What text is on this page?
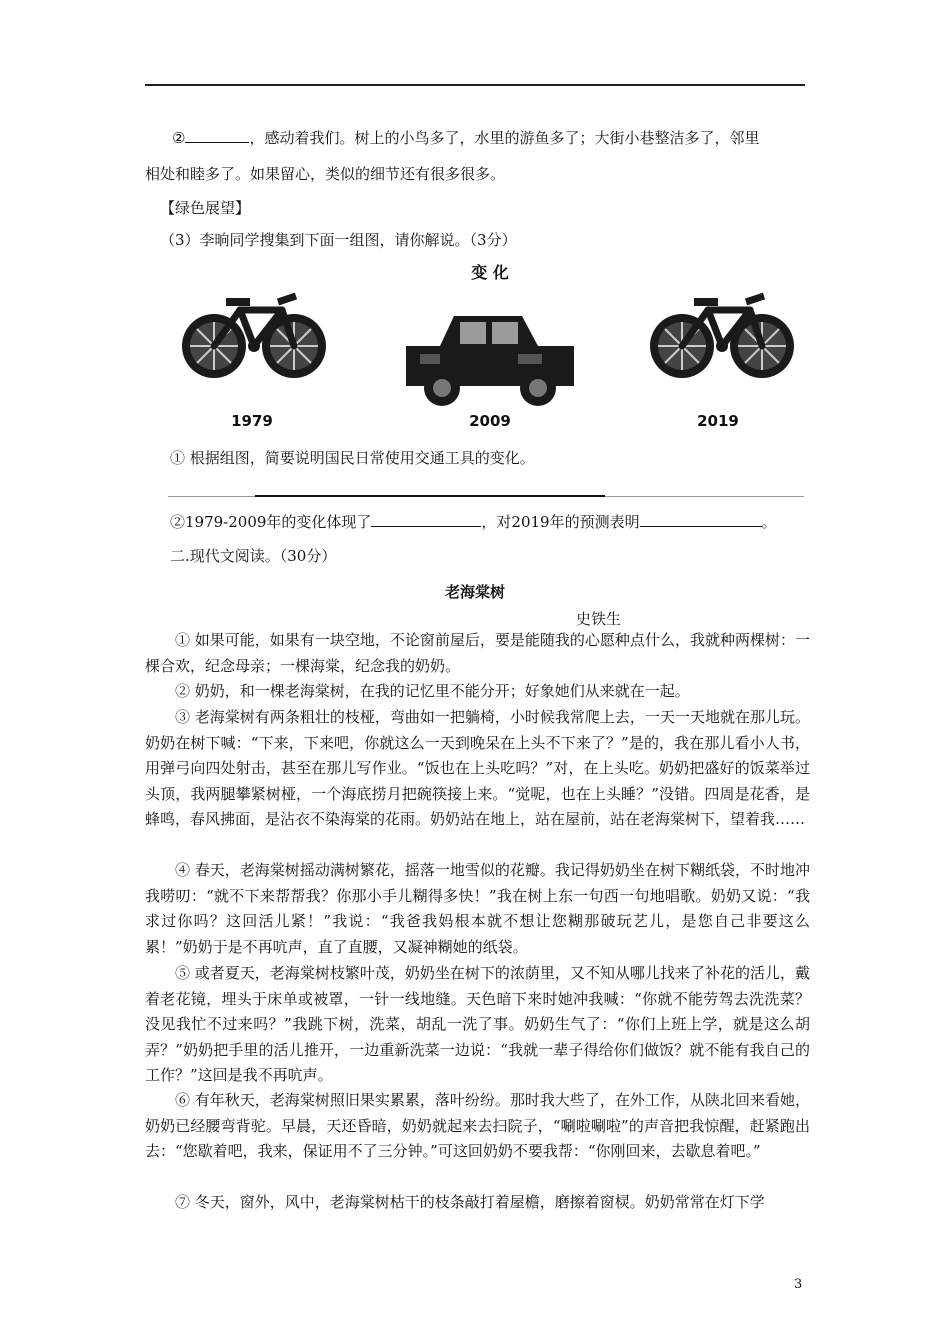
②	，感动着我们。树上的小鸟多了，水里的游鱼多了；大街小巷整洁多了，邻里
相处和睦多了。如果留心，类似的细节还有很多很多。
【绿色展望】
（3）李晌同学搜集到下面一组图，请你解说。（3分）
变 化
1979	2009	2019
① 根据组图，简要说明国民日常使用交通工具的变化。
②1979-2009年的变化体现了	，对2019年的预测表明	。
二.现代文阅读。（30分）
老海棠树
史铁生
① 如果可能，如果有一块空地，不论窗前屋后，要是能随我的心愿种点什么，我就种两棵树：一棵合欢，纪念母亲；一棵海棠，纪念我的奶奶。
② 奶奶，和一棵老海棠树，在我的记忆里不能分开；好象她们从来就在一起。
③ 老海棠树有两条粗壮的枝桠，弯曲如一把躺椅，小时候我常爬上去，一天一天地就在那儿玩。奶奶在树下喊：“下来，下来吧，你就这么一天到晚呆在上头不下来了？”是的，我在那儿看小人书，用弹弓向四处射击，甚至在那儿写作业。“饭也在上头吃吗？”对，在上头吃。奶奶把盛好的饭菜举过头顶，我两腿攀紧树桠，一个海底捞月把碗筷接上来。“觉呢，也在上头睡？”没错。四周是花香，是蜂鸣，春风拂面，是沾衣不染海棠的花雨。奶奶站在地上，站在屋前，站在老海棠树下，望着我……
④ 春天，老海棠树摇动满树繁花，摇落一地雪似的花瓣。我记得奶奶坐在树下糊纸袋，不时地冲我唠叨：“就不下来帮帮我？你那小手儿糊得多快！”我在树上东一句西一句地唱歌。奶奶又说：“我求过你吗？这回活儿紧！”我说：“我爸我妈根本就不想让您糊那破玩艺儿，是您自己非要这么累！”奶奶于是不再吭声，直了直腰，又凝神糊她的纸袋。
⑤ 或者夏天，老海棠树枝繁叶茂，奶奶坐在树下的浓荫里，又不知从哪儿找来了补花的活儿，戴着老花镜，埋头于床单或被罩，一针一线地缝。天色暗下来时她冲我喊：“你就不能劳驾去洗洗菜？没见我忙不过来吗？”我跳下树，洗菜，胡乱一洗了事。奶奶生气了：“你们上班上学，就是这么胡弄？”奶奶把手里的活儿推开，一边重新洗菜一边说：“我就一辈子得给你们做饭？就不能有我自己的工作？”这回是我不再吭声。
⑥ 有年秋天，老海棠树照旧果实累累，落叶纷纷。那时我大些了，在外工作，从陕北回来看她，奶奶已经腰弯背驼。早晨，天还昏暗，奶奶就起来去扫院子，“唰啦唰啦”的声音把我惊醒，赶紧跑出去：“您歇着吧，我来，保证用不了三分钟。”可这回奶奶不要我帮：“你刚回来，去歇息着吧。”
⑦ 冬天，窗外，风中，老海棠树枯干的枝条敲打着屋檐，磨擦着窗棂。奶奶常常在灯下学
3
